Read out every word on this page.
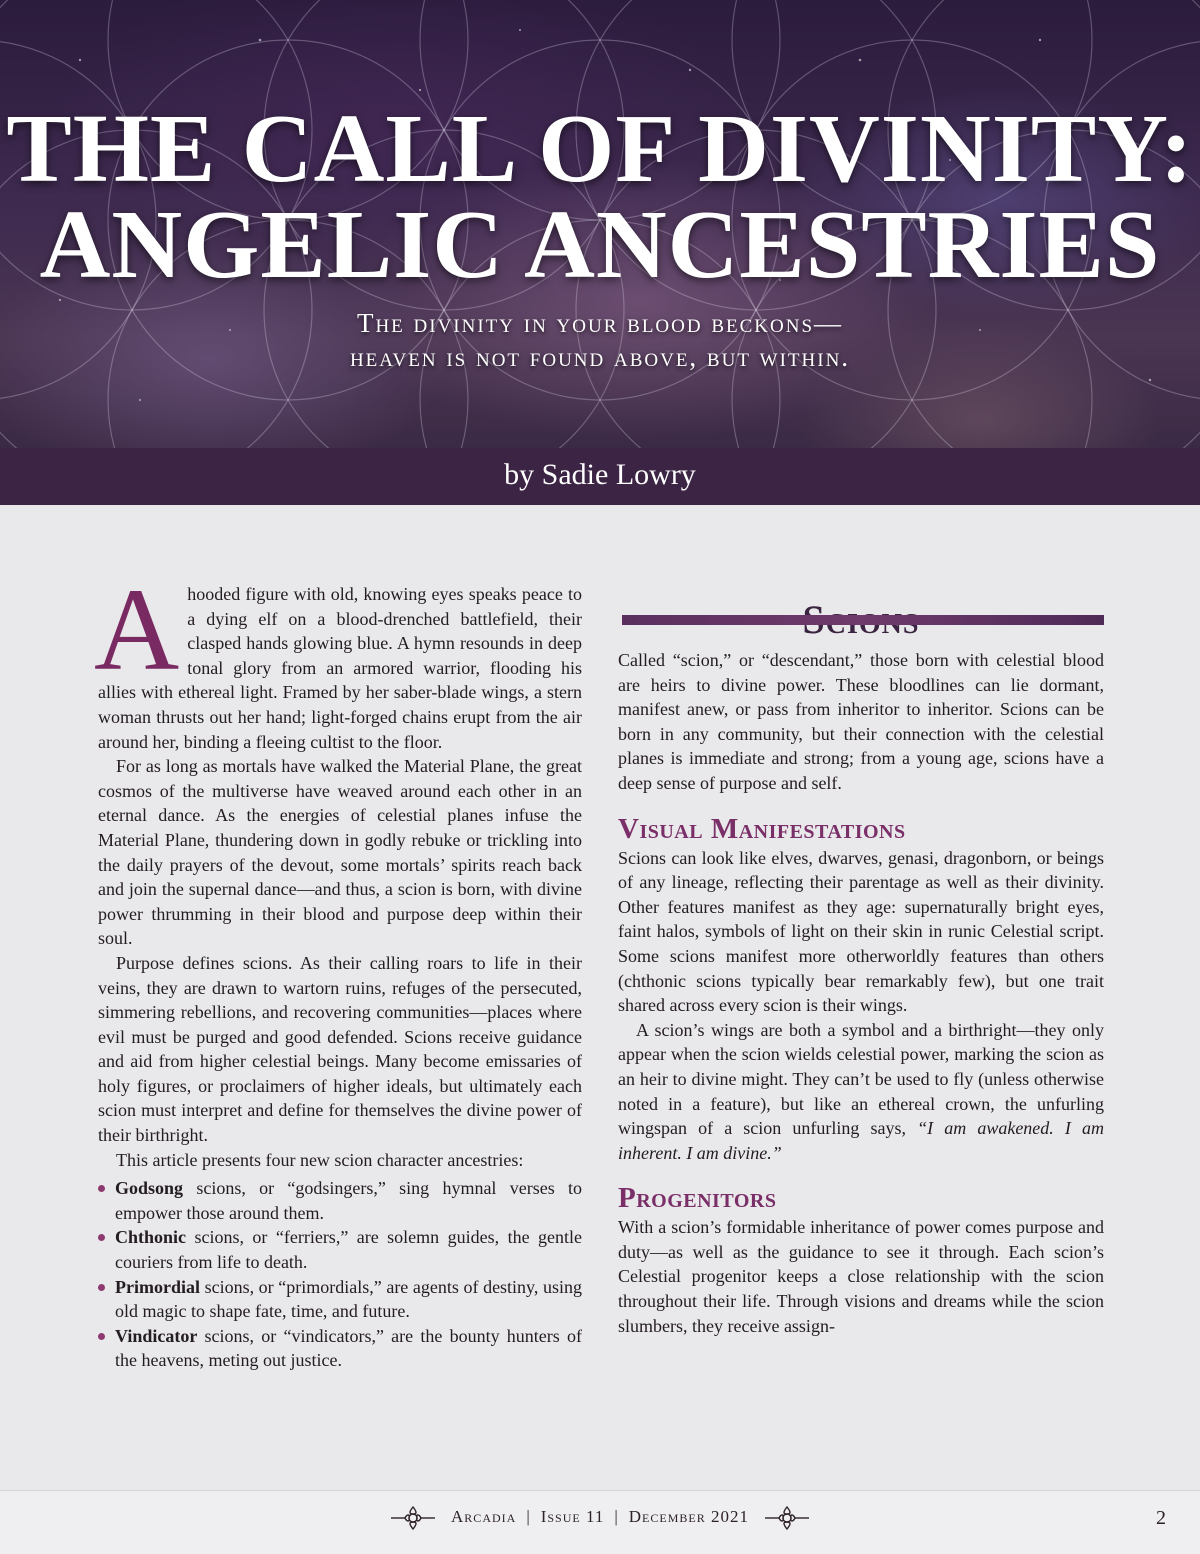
THE CALL OF DIVINITY:
ANGELIC ANCESTRIES
The divinity in your blood beckons—
heaven is not found above, but within.
by Sadie Lowry

Ahooded figure with old, knowing eyes speaks peace to a dying elf on a blood-drenched battlefield, their clasped hands glowing blue. A hymn resounds in deep tonal glory from an armored warrior, flooding his allies with ethereal light. Framed by her saber-blade wings, a stern woman thrusts out her hand; light-forged chains erupt from the air around her, binding a fleeing cultist to the floor.

For as long as mortals have walked the Material Plane, the great cosmos of the multiverse have weaved around each other in an eternal dance. As the energies of celestial planes infuse the Material Plane, thundering down in godly rebuke or trickling into the daily prayers of the devout, some mortals’ spirits reach back and join the supernal dance—and thus, a scion is born, with divine power thrumming in their blood and purpose deep within their soul.

Purpose defines scions. As their calling roars to life in their veins, they are drawn to wartorn ruins, refuges of the persecuted, simmering rebellions, and recovering communities—places where evil must be purged and good defended. Scions receive guidance and aid from higher celestial beings. Many become emissaries of holy figures, or proclaimers of higher ideals, but ultimately each scion must interpret and define for themselves the divine power of their birthright.

This article presents four new scion character ancestries:

Godsong scions, or “godsingers,” sing hymnal verses to empower those around them.
Chthonic scions, or “ferriers,” are solemn guides, the gentle couriers from life to death.
Primordial scions, or “primordials,” are agents of destiny, using old magic to shape fate, time, and future.
Vindicator scions, or “vindicators,” are the bounty hunters of the heavens, meting out justice.

Called “scion,” or “descendant,” those born with celestial blood are heirs to divine power. These bloodlines can lie dormant, manifest anew, or pass from inheritor to inheritor. Scions can be born in any community, but their connection with the celestial planes is immediate and strong; from a young age, scions have a deep sense of purpose and self.

Visual Manifestations

Scions can look like elves, dwarves, genasi, dragonborn, or beings of any lineage, reflecting their parentage as well as their divinity. Other features manifest as they age: supernaturally bright eyes, faint halos, symbols of light on their skin in runic Celestial script. Some scions manifest more otherworldly features than others (chthonic scions typically bear remarkably few), but one trait shared across every scion is their wings.

A scion’s wings are both a symbol and a birthright—they only appear when the scion wields celestial power, marking the scion as an heir to divine might. They can’t be used to fly (unless otherwise noted in a feature), but like an ethereal crown, the unfurling wingspan of a scion unfurling says, “I am awakened. I am inherent. I am divine.”

Progenitors

With a scion’s formidable inheritance of power comes purpose and duty—as well as the guidance to see it through. Each scion’s Celestial progenitor keeps a close relationship with the scion throughout their life. Through visions and dreams while the scion slumbers, they receive assign-

Arcadia | Issue 11 | December 2021	2
